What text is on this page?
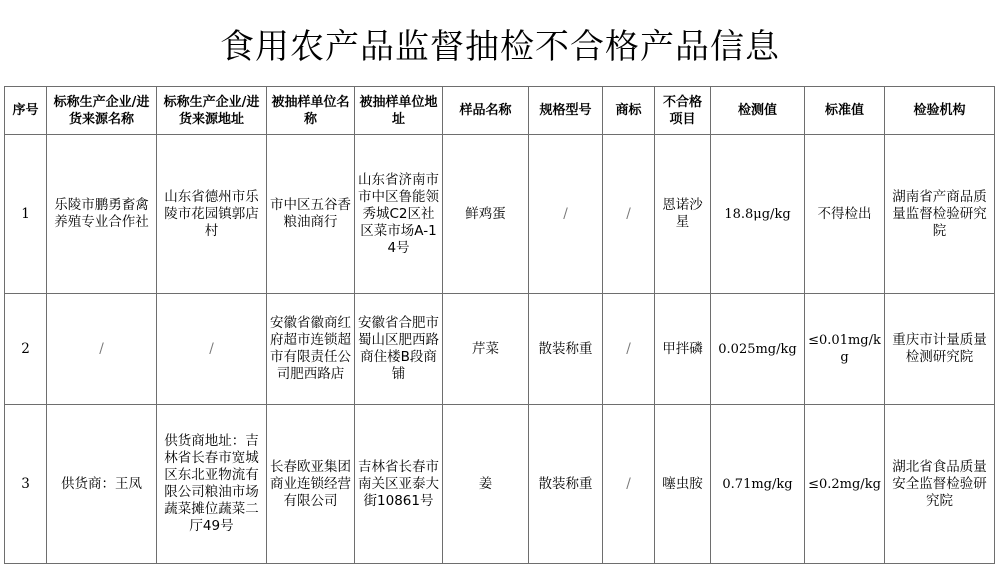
食用农产品监督抽检不合格产品信息
序号	标称生产企业/进货来源名称	标称生产企业/进货来源地址	被抽样单位名称	被抽样单位地址	样品名称	规格型号	商标	不合格项目	检测值	标准值	检验机构
1	乐陵市鹏勇畜禽养殖专业合作社	山东省德州市乐陵市花园镇郭店村	市中区五谷香粮油商行	山东省济南市市中区鲁能领秀城C2区社区菜市场A-14号	鲜鸡蛋	/	/	恩诺沙星	18.8μg/kg	不得检出	湖南省产商品质量监督检验研究院
2	/	/	安徽省徽商红府超市连锁超市有限责任公司肥西路店	安徽省合肥市蜀山区肥西路商住楼B段商铺	芹菜	散装称重	/	甲拌磷	0.025mg/kg	≤0.01mg/kg	重庆市计量质量检测研究院
3	供货商：王凤	供货商地址：吉林省长春市宽城区东北亚物流有限公司粮油市场蔬菜摊位蔬菜二厅49号	长春欧亚集团商业连锁经营有限公司	吉林省长春市南关区亚泰大街10861号	姜	散装称重	/	噻虫胺	0.71mg/kg	≤0.2mg/kg	湖北省食品质量安全监督检验研究院
